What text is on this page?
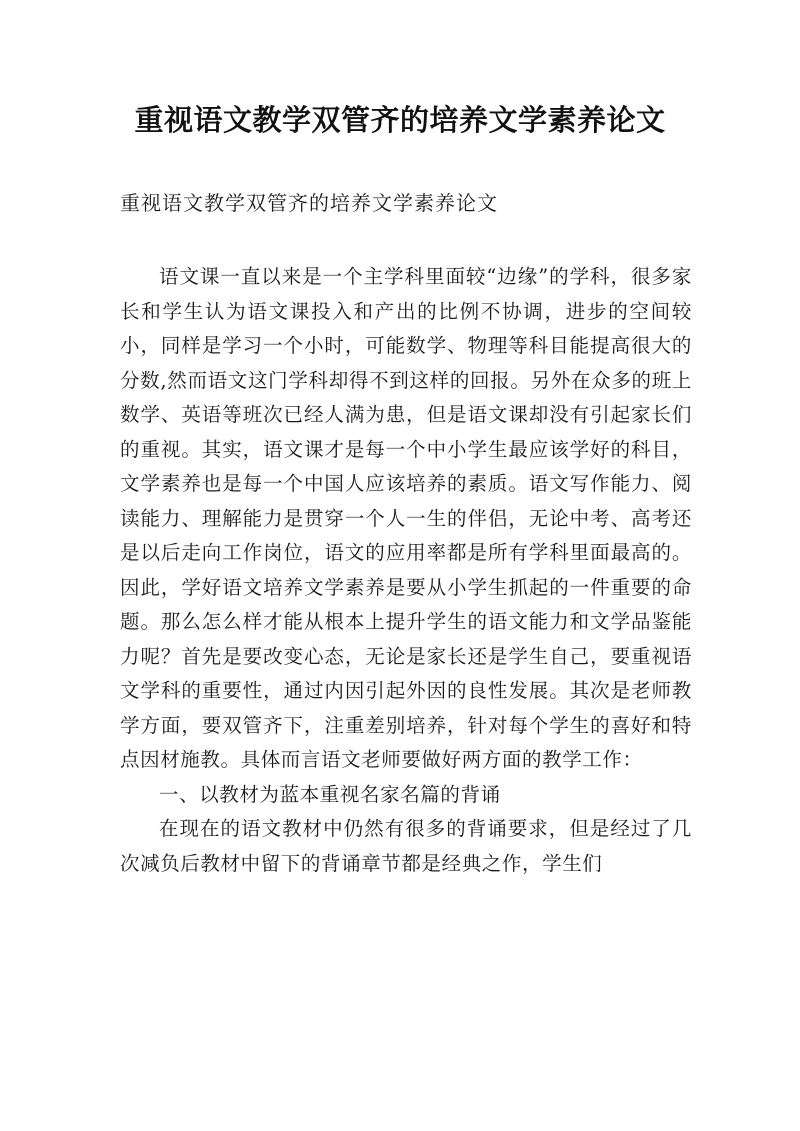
重视语文教学双管齐的培养文学素养论文

重视语文教学双管齐的培养文学素养论文

语文课一直以来是一个主学科里面较“边缘”的学科，很多家长和学生认为语文课投入和产出的比例不协调，进步的空间较小，同样是学习一个小时，可能数学、物理等科目能提高很大的分数,然而语文这门学科却得不到这样的回报。另外在众多的班上数学、英语等班次已经人满为患，但是语文课却没有引起家长们的重视。其实，语文课才是每一个中小学生最应该学好的科目，文学素养也是每一个中国人应该培养的素质。语文写作能力、阅读能力、理解能力是贯穿一个人一生的伴侣，无论中考、高考还是以后走向工作岗位，语文的应用率都是所有学科里面最高的。因此，学好语文培养文学素养是要从小学生抓起的一件重要的命题。那么怎么样才能从根本上提升学生的语文能力和文学品鉴能力呢？首先是要改变心态，无论是家长还是学生自己，要重视语文学科的重要性，通过内因引起外因的良性发展。其次是老师教学方面，要双管齐下，注重差别培养，针对每个学生的喜好和特点因材施教。具体而言语文老师要做好两方面的教学工作：

一、以教材为蓝本重视名家名篇的背诵

在现在的语文教材中仍然有很多的背诵要求，但是经过了几次减负后教材中留下的背诵章节都是经典之作，学生们
